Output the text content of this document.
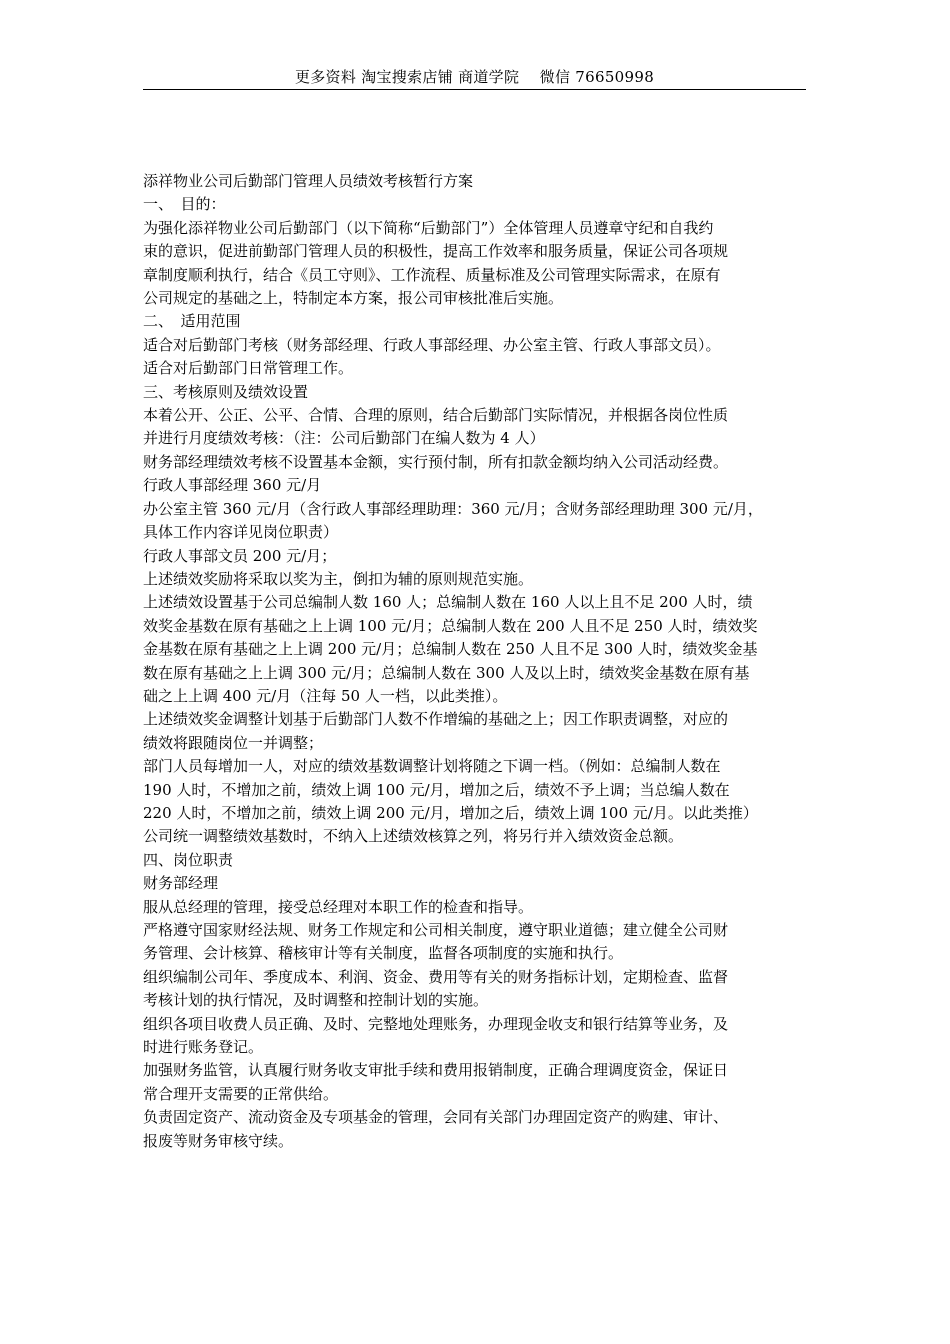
更多资料 淘宝搜索店铺 商道学院　 微信 76650998

添祥物业公司后勤部门管理人员绩效考核暂行方案

一、　目的：

为强化添祥物业公司后勤部门（以下简称“后勤部门”）全体管理人员遵章守纪和自我约

束的意识，促进前勤部门管理人员的积极性，提高工作效率和服务质量，保证公司各项规

章制度顺利执行，结合《员工守则》、工作流程、质量标准及公司管理实际需求，在原有

公司规定的基础之上，特制定本方案，报公司审核批准后实施。

二、　适用范围

适合对后勤部门考核（财务部经理、行政人事部经理、办公室主管、行政人事部文员）。

适合对后勤部门日常管理工作。

三、考核原则及绩效设置

本着公开、公正、公平、合情、合理的原则，结合后勤部门实际情况，并根据各岗位性质

并进行月度绩效考核：（注：公司后勤部门在编人数为 4 人）

财务部经理绩效考核不设置基本金额，实行预付制，所有扣款金额均纳入公司活动经费。

行政人事部经理 360 元/月

办公室主管 360 元/月（含行政人事部经理助理：360 元/月；含财务部经理助理 300 元/月，

具体工作内容详见岗位职责）

行政人事部文员 200 元/月；

上述绩效奖励将采取以奖为主，倒扣为辅的原则规范实施。

上述绩效设置基于公司总编制人数 160 人；总编制人数在 160 人以上且不足 200 人时，绩

效奖金基数在原有基础之上上调 100 元/月；总编制人数在 200 人且不足 250 人时，绩效奖

金基数在原有基础之上上调 200 元/月；总编制人数在 250 人且不足 300 人时，绩效奖金基

数在原有基础之上上调 300 元/月；总编制人数在 300 人及以上时，绩效奖金基数在原有基

础之上上调 400 元/月（注每 50 人一档，以此类推）。

上述绩效奖金调整计划基于后勤部门人数不作增编的基础之上；因工作职责调整，对应的

绩效将跟随岗位一并调整；

部门人员每增加一人，对应的绩效基数调整计划将随之下调一档。（例如：总编制人数在

190 人时，不增加之前，绩效上调 100 元/月，增加之后，绩效不予上调；当总编人数在

220 人时，不增加之前，绩效上调 200 元/月，增加之后，绩效上调 100 元/月。以此类推）

公司统一调整绩效基数时，不纳入上述绩效核算之列，将另行并入绩效资金总额。

四、岗位职责

财务部经理

服从总经理的管理，接受总经理对本职工作的检查和指导。

严格遵守国家财经法规、财务工作规定和公司相关制度，遵守职业道德；建立健全公司财

务管理、会计核算、稽核审计等有关制度，监督各项制度的实施和执行。

组织编制公司年、季度成本、利润、资金、费用等有关的财务指标计划，定期检查、监督

考核计划的执行情况，及时调整和控制计划的实施。

组织各项目收费人员正确、及时、完整地处理账务，办理现金收支和银行结算等业务，及

时进行账务登记。

加强财务监管，认真履行财务收支审批手续和费用报销制度，正确合理调度资金，保证日

常合理开支需要的正常供给。

负责固定资产、流动资金及专项基金的管理，会同有关部门办理固定资产的购建、审计、

报废等财务审核守续。
